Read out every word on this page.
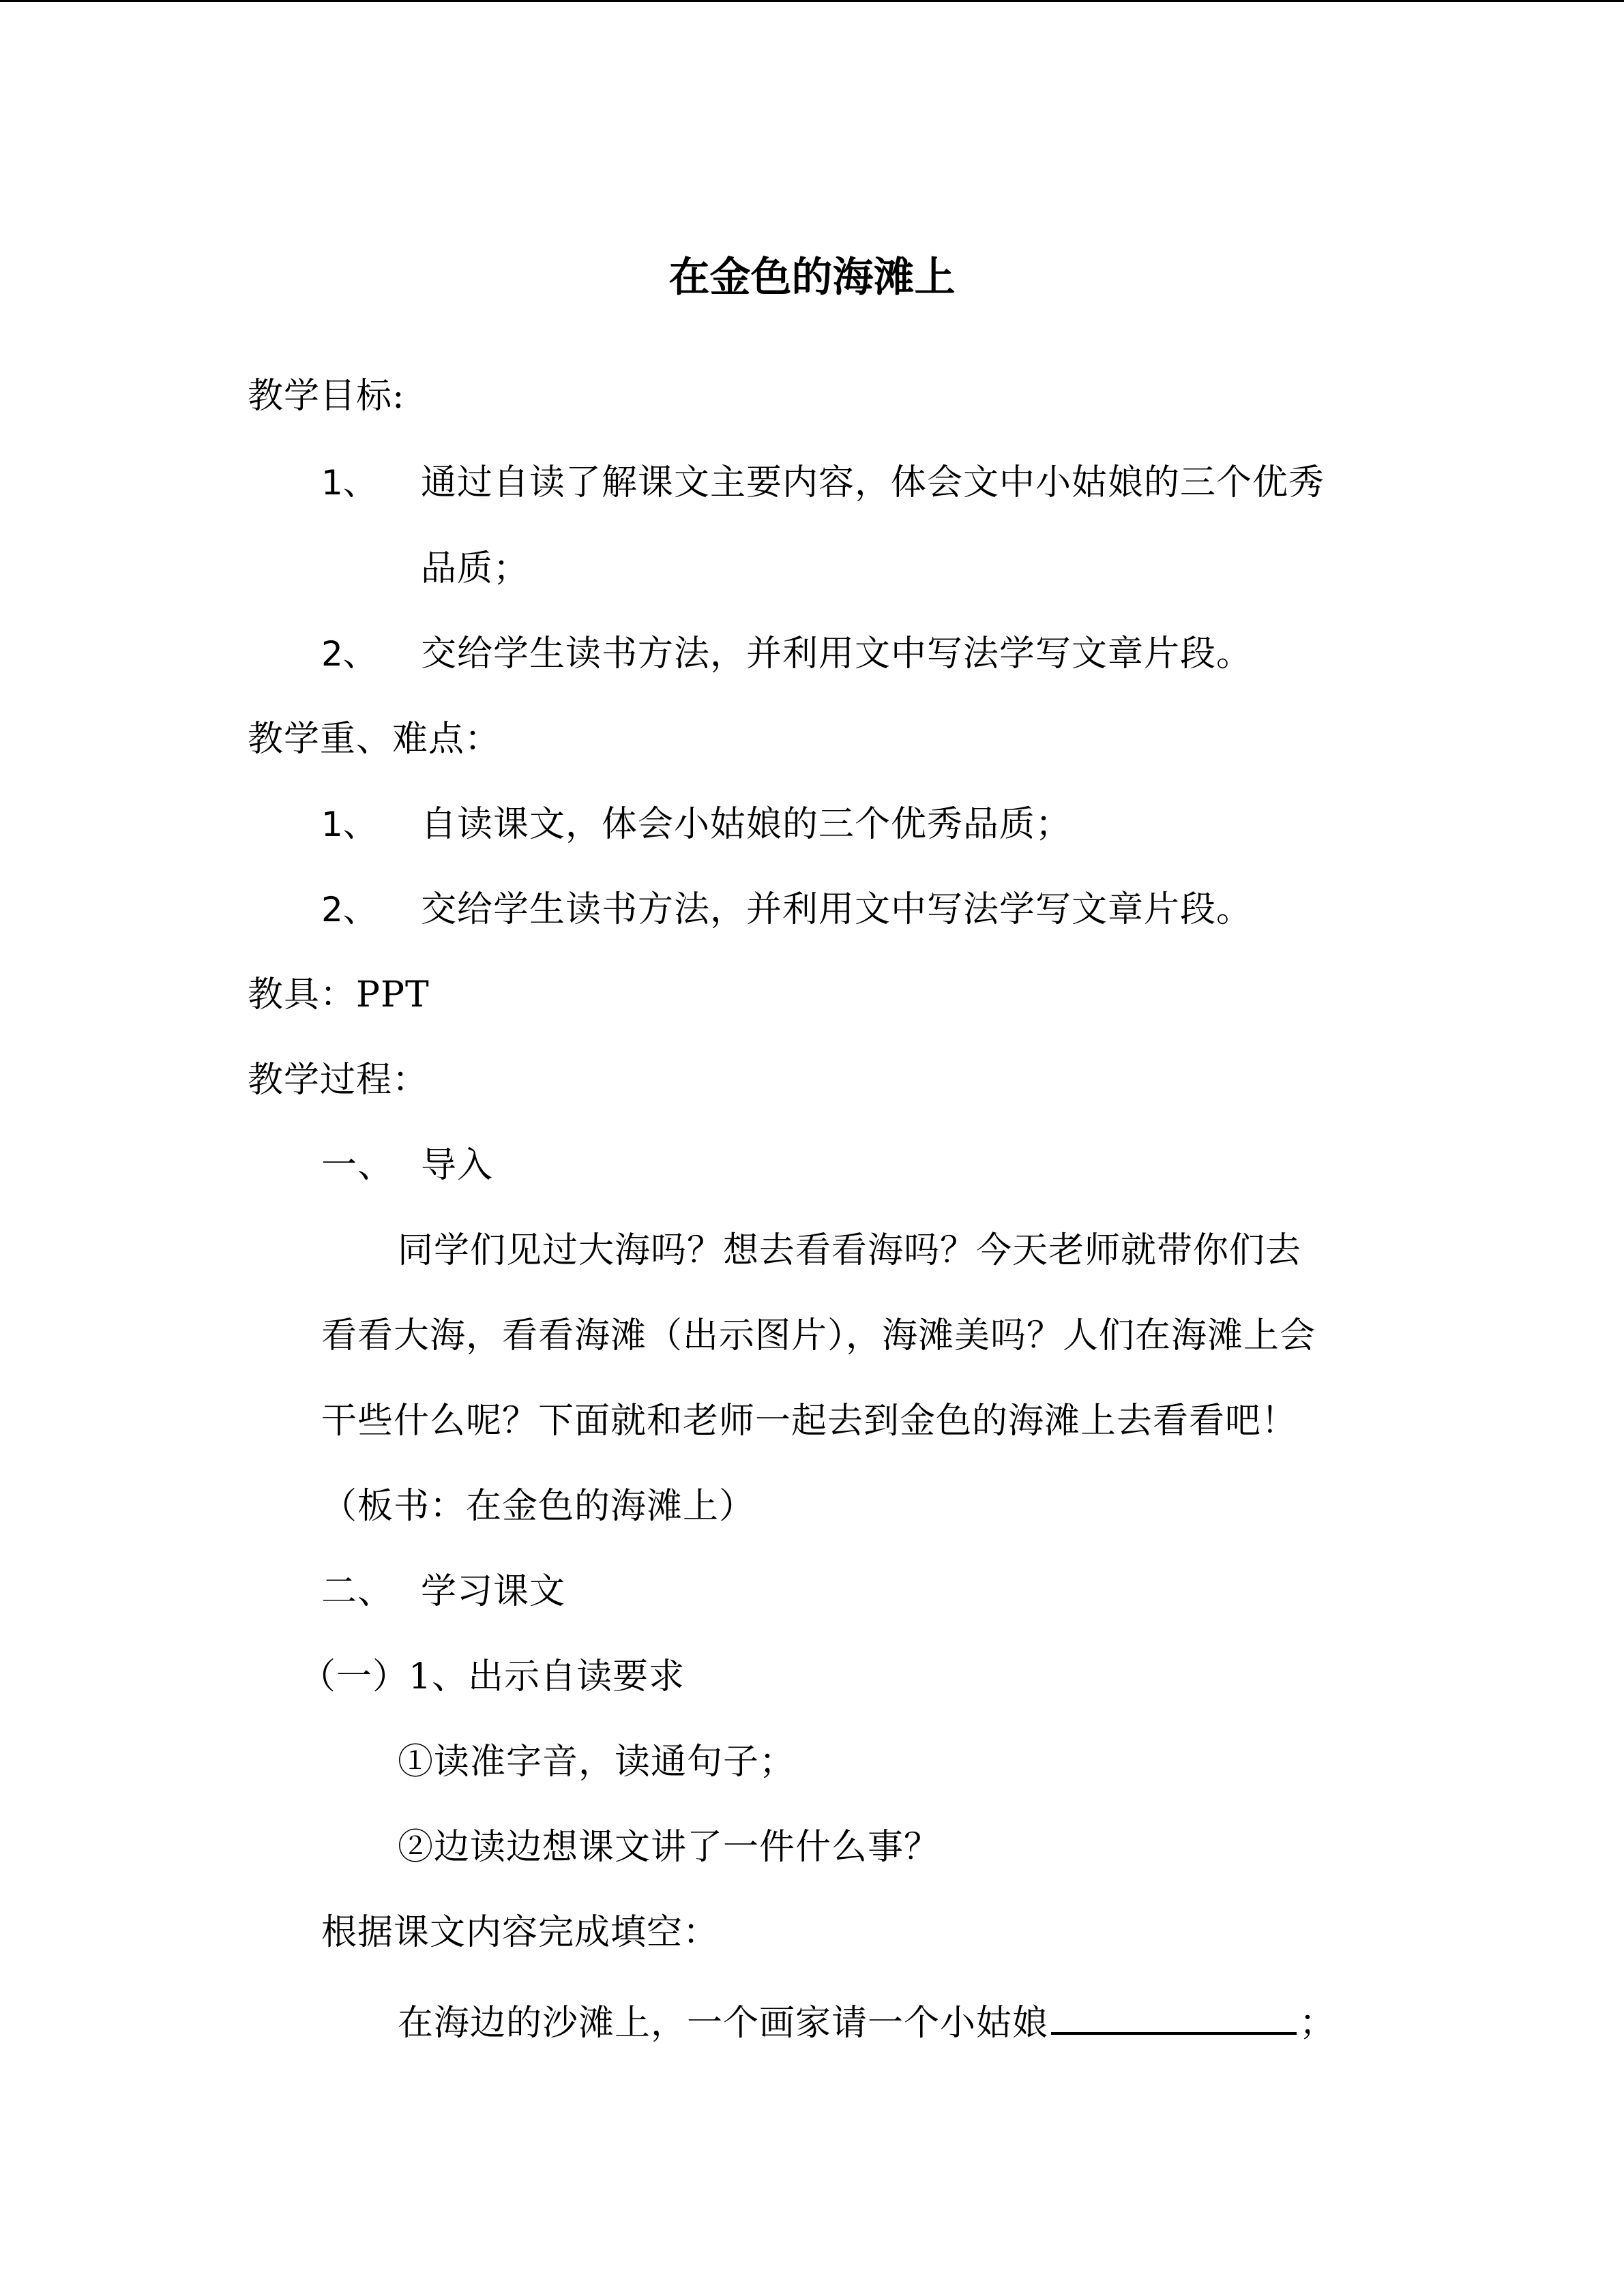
在金色的海滩上
教学目标:
1、 通过自读了解课文主要内容，体会文中小姑娘的三个优秀
品质；
2、 交给学生读书方法，并利用文中写法学写文章片段。
教学重、难点：
1、 自读课文，体会小姑娘的三个优秀品质；
2、 交给学生读书方法，并利用文中写法学写文章片段。
教具：PPT
教学过程：
一、 导入
同学们见过大海吗？想去看看海吗？今天老师就带你们去
看看大海，看看海滩（出示图片），海滩美吗？人们在海滩上会
干些什么呢？下面就和老师一起去到金色的海滩上去看看吧！
（板书：在金色的海滩上）
二、 学习课文
（一）1、出示自读要求
①读准字音，读通句子；
②边读边想课文讲了一件什么事？
根据课文内容完成填空：
在海边的沙滩上，一个画家请一个小姑娘	；
